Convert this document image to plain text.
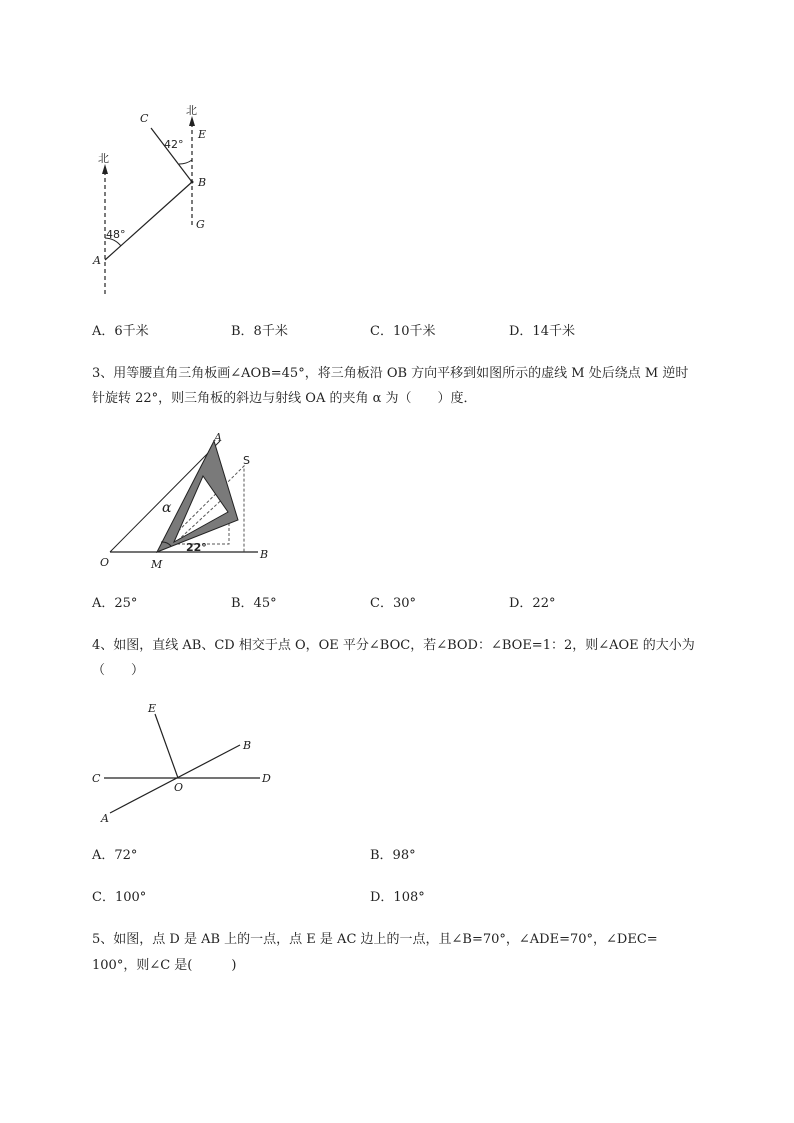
北
北
A
B
C
E
G
42°
48°
A．6千米	B．8千米	C．10千米	D．14千米
3、用等腰直角三角板画∠AOB=45°，将三角板沿 OB 方向平移到如图所示的虚线 M 处后绕点 M 逆时
针旋转 22°，则三角板的斜边与射线 OA 的夹角 α 为（　　）度．
A
S
O	M
B
α
22°
A．25°	B．45°	C．30°	D．22°
4、如图，直线 AB、CD 相交于点 O，OE 平分∠BOC，若∠BOD：∠BOE=1：2，则∠AOE 的大小为
（　　）
E
B
C
O
D
A
A．72°	B．98°
C．100°	D．108°
5、如图，点 D 是 AB 上的一点，点 E 是 AC 边上的一点，且∠B=70°，∠ADE=70°，∠DEC=
100°，则∠C 是(　　　)
